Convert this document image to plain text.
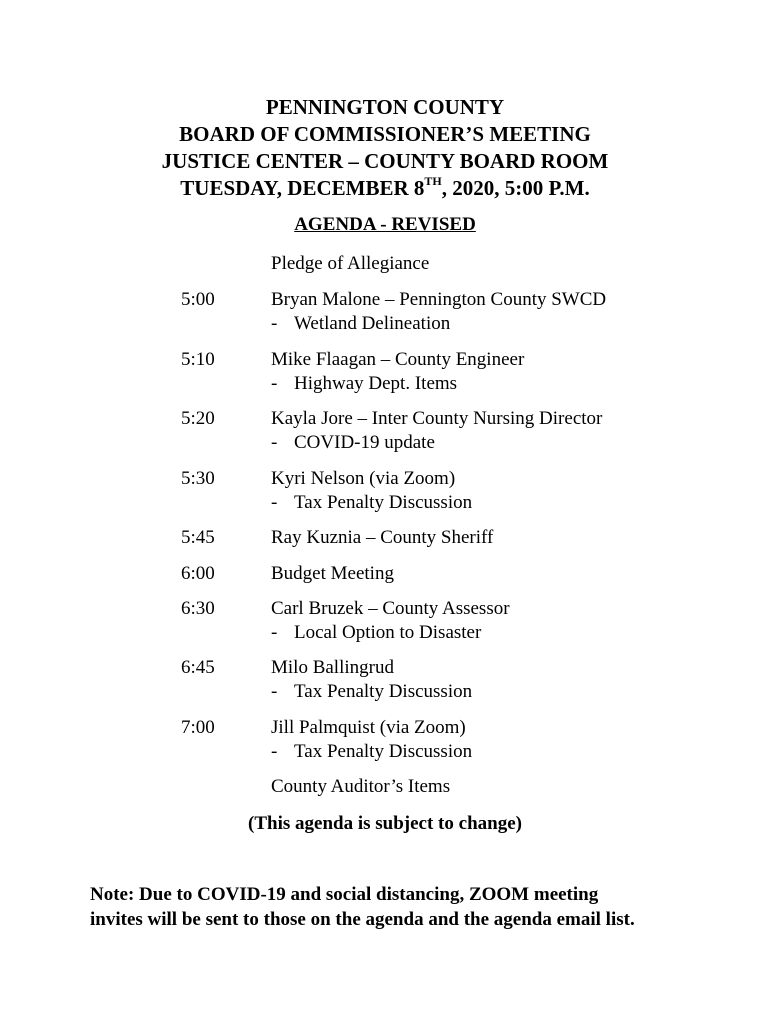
PENNINGTON COUNTY
BOARD OF COMMISSIONER’S MEETING
JUSTICE CENTER – COUNTY BOARD ROOM
TUESDAY, DECEMBER 8TH, 2020, 5:00 P.M.
AGENDA - REVISED
Pledge of Allegiance
5:00	Bryan Malone – Pennington County SWCD
- Wetland Delineation
5:10	Mike Flaagan – County Engineer
- Highway Dept. Items
5:20	Kayla Jore – Inter County Nursing Director
- COVID-19 update
5:30	Kyri Nelson (via Zoom)
- Tax Penalty Discussion
5:45	Ray Kuznia – County Sheriff
6:00	Budget Meeting
6:30	Carl Bruzek – County Assessor
- Local Option to Disaster
6:45	Milo Ballingrud
- Tax Penalty Discussion
7:00	Jill Palmquist (via Zoom)
- Tax Penalty Discussion
County Auditor’s Items
(This agenda is subject to change)
Note: Due to COVID-19 and social distancing, ZOOM meeting
invites will be sent to those on the agenda and the agenda email list.
